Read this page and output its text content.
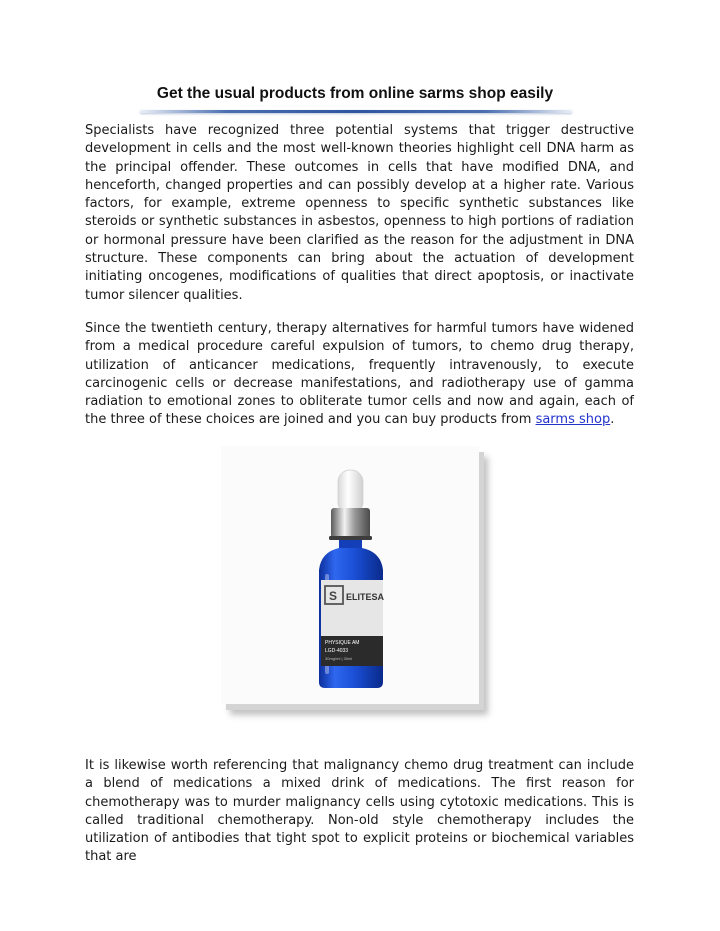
Get the usual products from online sarms shop easily

Specialists have recognized three potential systems that trigger destructive development in cells and the most well-known theories highlight cell DNA harm as the principal offender. These outcomes in cells that have modified DNA, and henceforth, changed properties and can possibly develop at a higher rate. Various factors, for example, extreme openness to specific synthetic substances like steroids or synthetic substances in asbestos, openness to high portions of radiation or hormonal pressure have been clarified as the reason for the adjustment in DNA structure. These components can bring about the actuation of development initiating oncogenes, modifications of qualities that direct apoptosis, or inactivate tumor silencer qualities.

Since the twentieth century, therapy alternatives for harmful tumors have widened from a medical procedure careful expulsion of tumors, to chemo drug therapy, utilization of anticancer medications, frequently intravenously, to execute carcinogenic cells or decrease manifestations, and radiotherapy use of gamma radiation to emotional zones to obliterate tumor cells and now and again, each of the three of these choices are joined and you can buy products from sarms shop.

S ELITESA
PHYSIQUE AM
LGD-4033
30mg/ml | 30ml

It is likewise worth referencing that malignancy chemo drug treatment can include a blend of medications a mixed drink of medications. The first reason for chemotherapy was to murder malignancy cells using cytotoxic medications. This is called traditional chemotherapy. Non-old style chemotherapy includes the utilization of antibodies that tight spot to explicit proteins or biochemical variables that are
